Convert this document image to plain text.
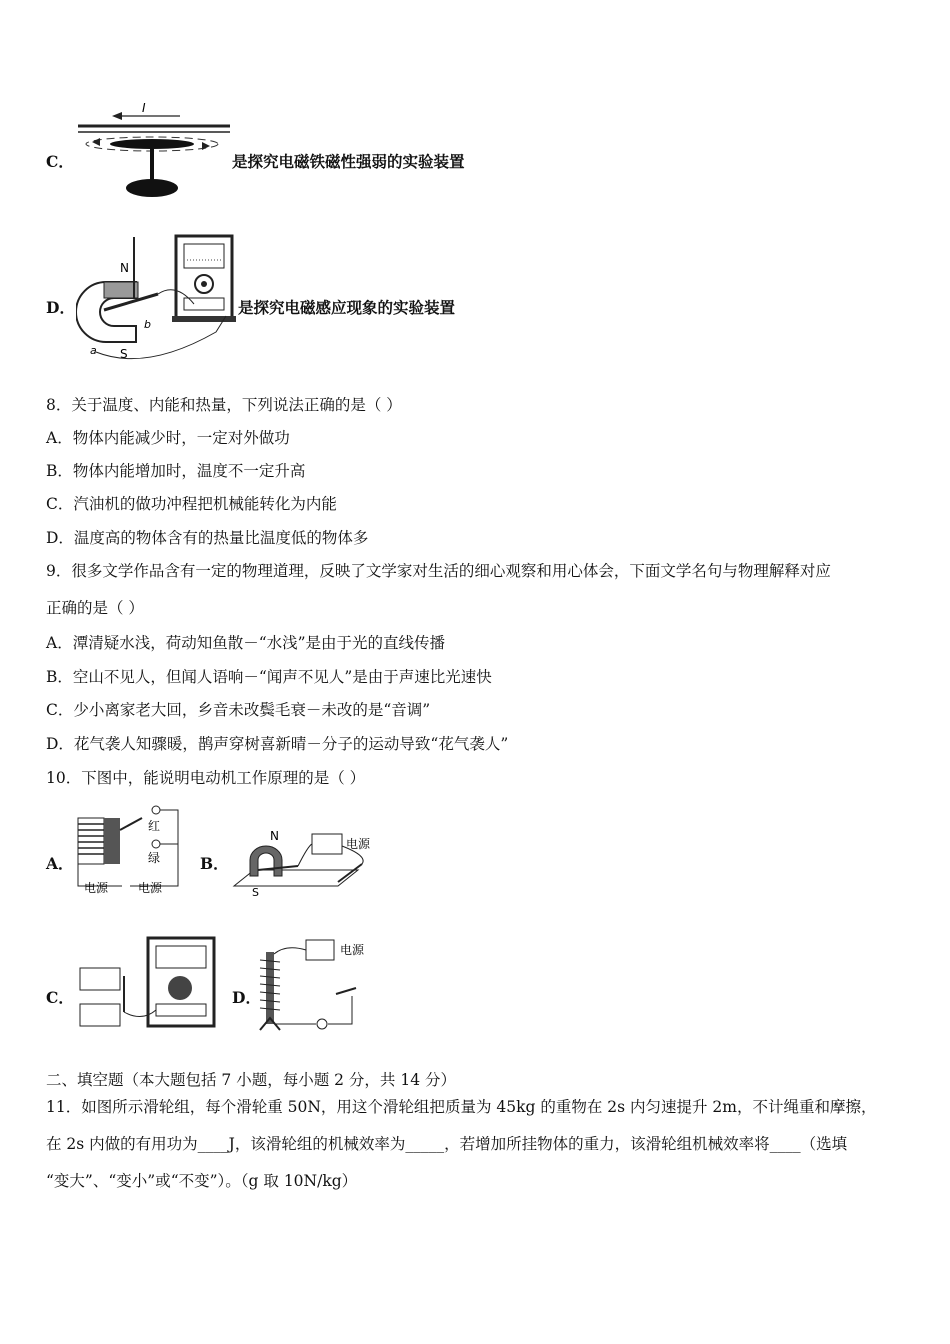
C．
I
是探究电磁铁磁性强弱的实验装置
D．
N
S
a
b
是探究电磁感应现象的实验装置
8．关于温度、内能和热量，下列说法正确的是（ ）
A．物体内能减少时，一定对外做功
B．物体内能增加时，温度不一定升高
C．汽油机的做功冲程把机械能转化为内能
D．温度高的物体含有的热量比温度低的物体多
9．很多文学作品含有一定的物理道理，反映了文学家对生活的细心观察和用心体会，下面文学名句与物理解释对应
正确的是（ ）
A．潭清疑水浅，荷动知鱼散－“水浅”是由于光的直线传播
B．空山不见人，但闻人语响－“闻声不见人”是由于声速比光速快
C．少小离家老大回，乡音未改鬓毛衰－未改的是“音调”
D．花气袭人知骤暖，鹊声穿树喜新晴－分子的运动导致“花气袭人”
10．下图中，能说明电动机工作原理的是（ ）
A．
红
绿
电源 电源
B．
N
S
电源
C．	D．
电源
二、填空题（本大题包括 7 小题，每小题 2 分，共 14 分）
11．如图所示滑轮组，每个滑轮重 50N，用这个滑轮组把质量为 45kg 的重物在 2s 内匀速提升 2m，不计绳重和摩擦，
在 2s 内做的有用功为____J，该滑轮组的机械效率为_____，若增加所挂物体的重力，该滑轮组机械效率将____（选填
“变大”、“变小”或“不变”）。（g 取 10N/kg）
